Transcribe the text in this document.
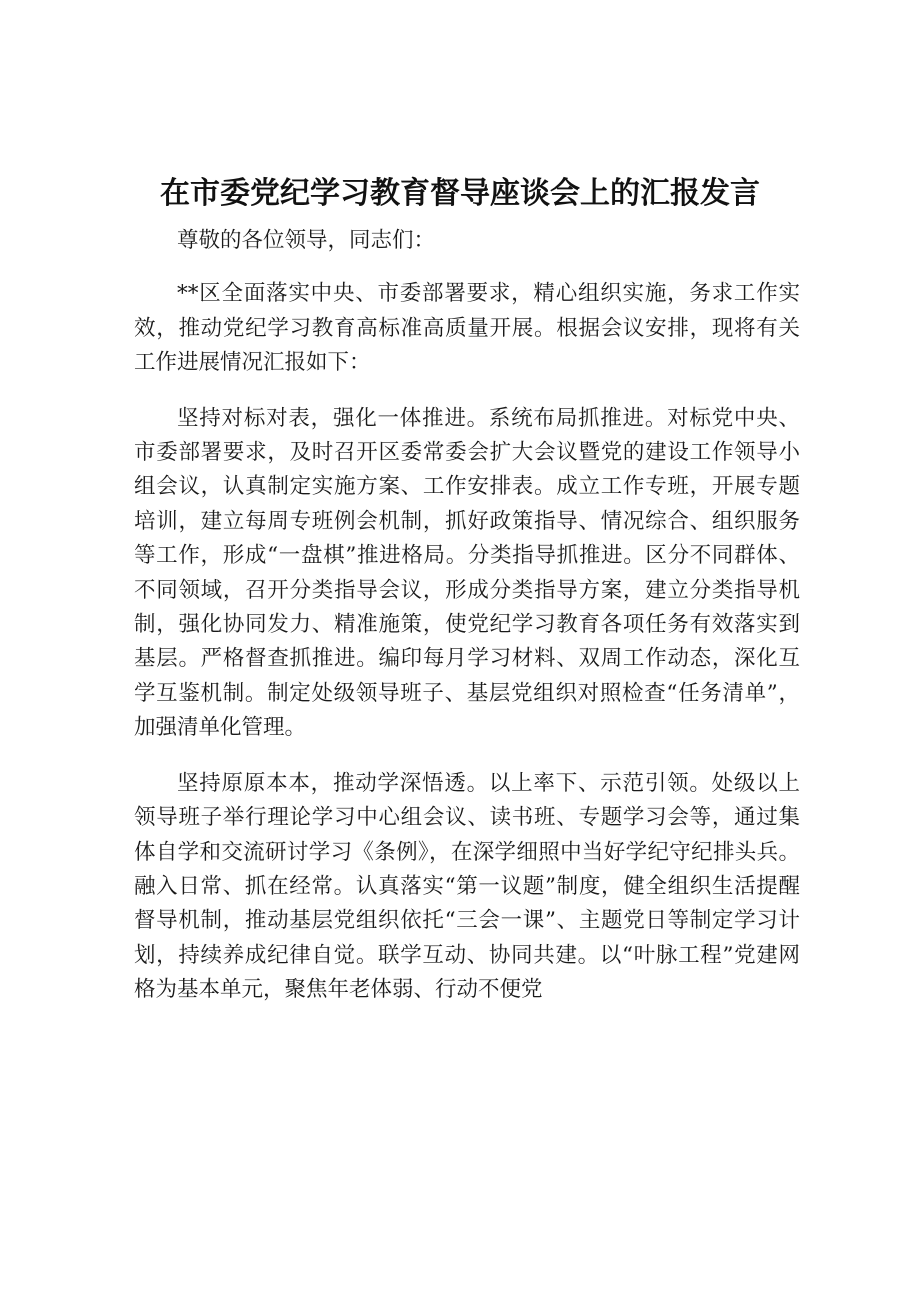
在市委党纪学习教育督导座谈会上的汇报发言

尊敬的各位领导，同志们：

**区全面落实中央、市委部署要求，精心组织实施，务求工作实效，推动党纪学习教育高标准高质量开展。根据会议安排，现将有关工作进展情况汇报如下：

坚持对标对表，强化一体推进。系统布局抓推进。对标党中央、市委部署要求，及时召开区委常委会扩大会议暨党的建设工作领导小组会议，认真制定实施方案、工作安排表。成立工作专班，开展专题培训，建立每周专班例会机制，抓好政策指导、情况综合、组织服务等工作，形成“一盘棋”推进格局。分类指导抓推进。区分不同群体、不同领域，召开分类指导会议，形成分类指导方案，建立分类指导机制，强化协同发力、精准施策，使党纪学习教育各项任务有效落实到基层。严格督查抓推进。编印每月学习材料、双周工作动态，深化互学互鉴机制。制定处级领导班子、基层党组织对照检查“任务清单”，加强清单化管理。

坚持原原本本，推动学深悟透。以上率下、示范引领。处级以上领导班子举行理论学习中心组会议、读书班、专题学习会等，通过集体自学和交流研讨学习《条例》，在深学细照中当好学纪守纪排头兵。融入日常、抓在经常。认真落实“第一议题”制度，健全组织生活提醒督导机制，推动基层党组织依托“三会一课”、主题党日等制定学习计划，持续养成纪律自觉。联学互动、协同共建。以“叶脉工程”党建网格为基本单元，聚焦年老体弱、行动不便党
